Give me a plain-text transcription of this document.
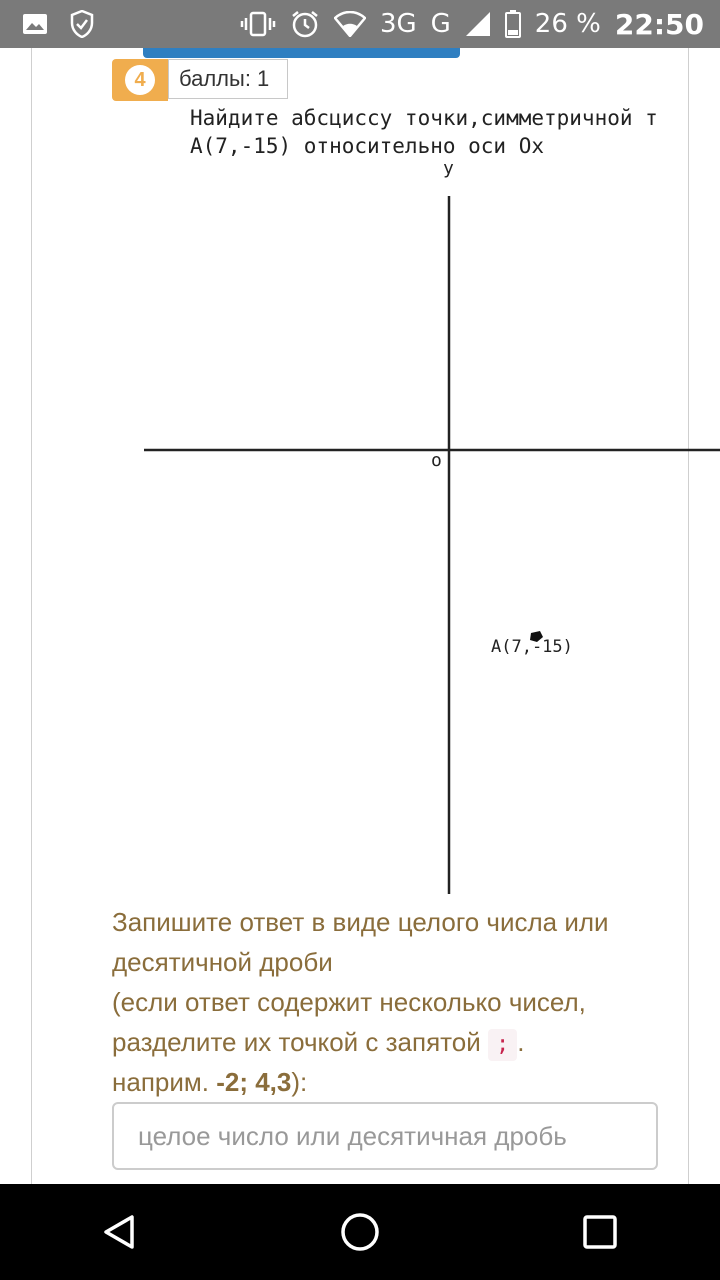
3G G	26 % 22:50
4	баллы: 1
Найдите абсциссу точки,симметричной т
А(7,-15) относительно оси Ох
у
о
А(7,-15)
Запишите ответ в виде целого числа или десятичной дроби
(если ответ содержит несколько чисел, разделите их точкой с запятой ; .
наприм. -2; 4,3):
целое число или десятичная дробь
